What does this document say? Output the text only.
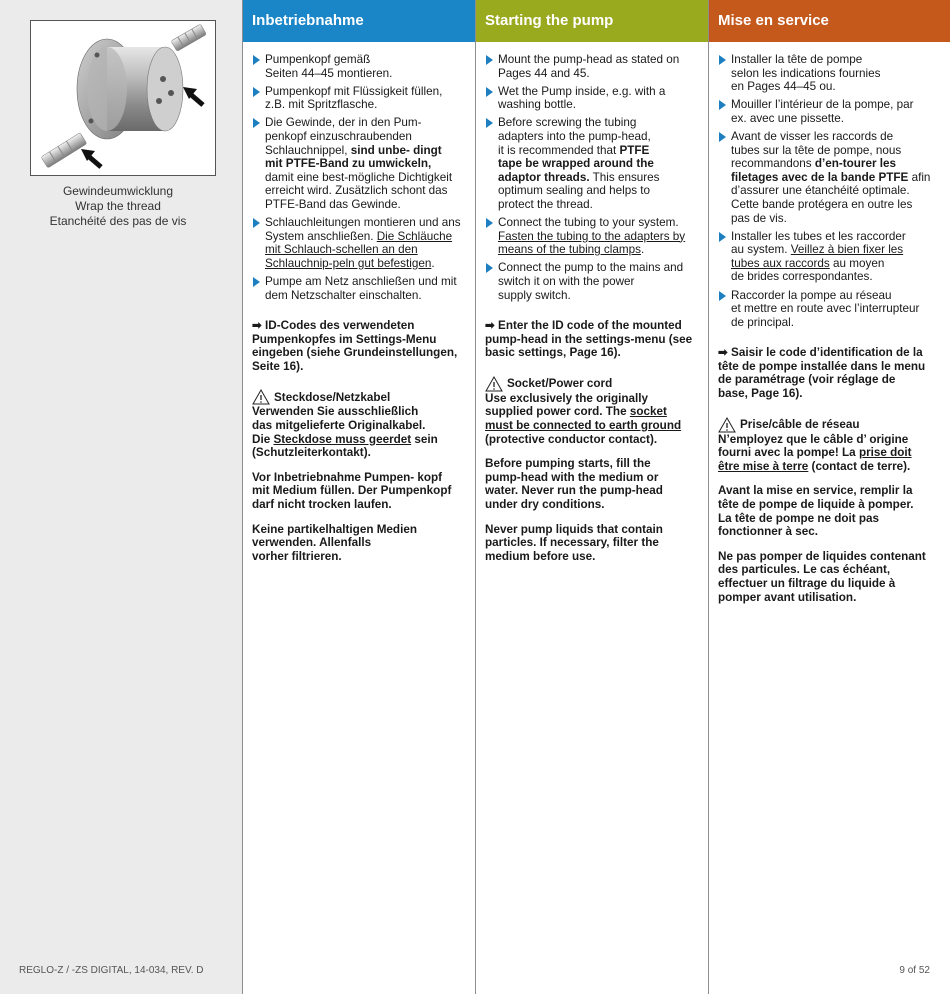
Gewindeumwicklung
Wrap the thread
Etanchéité des pas de vis
REGLO-Z / -ZS DIGITAL, 14-034, REV. D
Inbetriebnahme
Pumpenkopf gemäß
Seiten 44–45 montieren.
Pumpenkopf mit Flüssigkeit füllen,
z.B. mit Spritzflasche.
Die Gewinde, der in den Pum-
penkopf einzuschraubenden
Schlauchnippel, sind unbe- dingt
mit PTFE-Band zu umwickeln,
damit eine best-mögliche Dichtigkeit
erreicht wird. Zusätzlich schont das
PTFE-Band das Gewinde.
Schlauchleitungen montieren und ans
System anschließen. Die Schläuche
mit Schlauch-schellen an den
Schlauchnip-peln gut befestigen.
Pumpe am Netz anschließen und mit
dem Netzschalter einschalten.
➡︎ ID-Codes des verwendeten
Pumpenkopfes im Settings-Menu
eingeben (siehe Grundeinstellungen,
Seite 16).
Steckdose/Netzkabel
Verwenden Sie ausschließlich
das mitgelieferte Originalkabel.
Die Steckdose muss geerdet sein
(Schutzleiterkontakt).
Vor Inbetriebnahme Pumpen- kopf
mit Medium füllen. Der Pumpenkopf
darf nicht trocken laufen.
Keine partikelhaltigen Medien
verwenden. Allenfalls
vorher filtrieren.
Starting the pump
Mount the pump-head as stated on
Pages 44 and 45.
Wet the Pump inside, e.g. with a
washing bottle.
Before screwing the tubing
adapters into the pump-head,
it is recommended that PTFE
tape be wrapped around the
adaptor threads. This ensures
optimum sealing and helps to
protect the thread.
Connect the tubing to your system.
Fasten the tubing to the adapters by
means of the tubing clamps.
Connect the pump to the mains and
switch it on with the power
supply switch.
➡︎ Enter the ID code of the mounted
pump-head in the settings-menu (see
basic settings, Page 16).
Socket/Power cord
Use exclusively the originally
supplied power cord. The socket
must be connected to earth ground
(protective conductor contact).
Before pumping starts, fill the
pump-head with the medium or
water. Never run the pump-head
under dry conditions.
Never pump liquids that contain
particles. If necessary, filter the
medium before use.
Mise en service
Installer la tête de pompe
selon les indications fournies
en Pages 44–45 ou.
Mouiller l’intérieur de la pompe, par
ex. avec une pissette.
Avant de visser les raccords de
tubes sur la tête de pompe, nous
recommandons d’en-tourer les
filetages avec de la bande PTFE afin
d’assurer une étanchéité optimale.
Cette bande protégera en outre les
pas de vis.
Installer les tubes et les raccorder
au system. Veillez à bien fixer les
tubes aux raccords au moyen
de brides correspondantes.
Raccorder la pompe au réseau
et mettre en route avec l’interrupteur
de principal.
➡︎ Saisir le code d’identification de la
tête de pompe installée dans le menu
de paramétrage (voir réglage de
base, Page 16).
Prise/câble de réseau
N’employez que le câble d’ origine
fourni avec la pompe! La prise doit
être mise à terre (contact de terre).
Avant la mise en service, remplir la
tête de pompe de liquide à pomper.
La tête de pompe ne doit pas
fonctionner à sec.
Ne pas pomper de liquides contenant
des particules. Le cas échéant,
effectuer un filtrage du liquide à
pomper avant utilisation.
9 of 52
